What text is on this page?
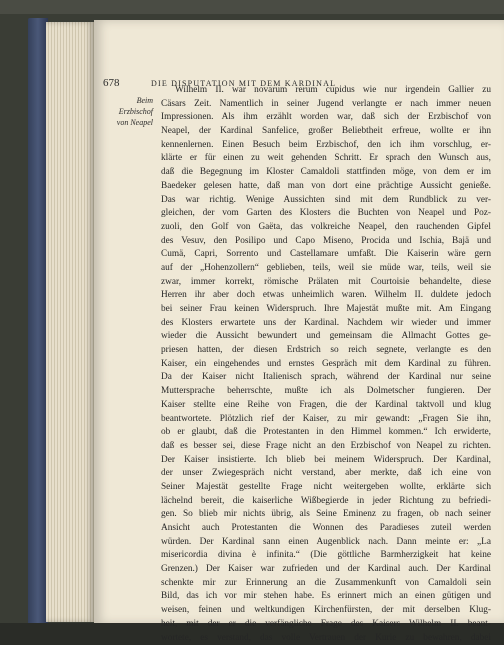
678	DIE DISPUTATION MIT DEM KARDINAL
Beim
Erzbischof
von Neapel
Wilhelm II. war novarum rerum cupidus wie nur irgendein Gallier zu
Cäsars Zeit. Namentlich in seiner Jugend verlangte er nach immer neuen
Impressionen. Als ihm erzählt worden war, daß sich der Erzbischof von
Neapel, der Kardinal Sanfelice, großer Beliebtheit erfreue, wollte er ihn
kennenlernen. Einen Besuch beim Erzbischof, den ich ihm vorschlug, er-
klärte er für einen zu weit gehenden Schritt. Er sprach den Wunsch aus,
daß die Begegnung im Kloster Camaldoli stattfinden möge, von dem er im
Baedeker gelesen hatte, daß man von dort eine prächtige Aussicht genieße.
Das war richtig. Wenige Aussichten sind mit dem Rundblick zu ver-
gleichen, der vom Garten des Klosters die Buchten von Neapel und Poz-
zuoli, den Golf von Gaëta, das volkreiche Neapel, den rauchenden Gipfel
des Vesuv, den Posilipo und Capo Miseno, Procida und Ischia, Bajä und
Cumä, Capri, Sorrento und Castellamare umfaßt. Die Kaiserin wäre gern
auf der „Hohenzollern“ geblieben, teils, weil sie müde war, teils, weil sie
zwar, immer korrekt, römische Prälaten mit Courtoisie behandelte, diese
Herren ihr aber doch etwas unheimlich waren. Wilhelm II. duldete jedoch
bei seiner Frau keinen Widerspruch. Ihre Majestät mußte mit. Am Eingang
des Klosters erwartete uns der Kardinal. Nachdem wir wieder und immer
wieder die Aussicht bewundert und gemeinsam die Allmacht Gottes ge-
priesen hatten, der diesen Erdstrich so reich segnete, verlangte es den
Kaiser, ein eingehendes und ernstes Gespräch mit dem Kardinal zu führen.
Da der Kaiser nicht Italienisch sprach, während der Kardinal nur seine
Muttersprache beherrschte, mußte ich als Dolmetscher fungieren. Der
Kaiser stellte eine Reihe von Fragen, die der Kardinal taktvoll und klug
beantwortete. Plötzlich rief der Kaiser, zu mir gewandt: „Fragen Sie ihn,
ob er glaubt, daß die Protestanten in den Himmel kommen.“ Ich erwiderte,
daß es besser sei, diese Frage nicht an den Erzbischof von Neapel zu richten.
Der Kaiser insistierte. Ich blieb bei meinem Widerspruch. Der Kardinal,
der unser Zwiegespräch nicht verstand, aber merkte, daß ich eine von
Seiner Majestät gestellte Frage nicht weitergeben wollte, erklärte sich
lächelnd bereit, die kaiserliche Wißbegierde in jeder Richtung zu befriedi-
gen. So blieb mir nichts übrig, als Seine Eminenz zu fragen, ob nach seiner
Ansicht auch Protestanten die Wonnen des Paradieses zuteil werden
würden. Der Kardinal sann einen Augenblick nach. Dann meinte er: „La
misericordia divina è infinita.“ (Die göttliche Barmherzigkeit hat keine
Grenzen.) Der Kaiser war zufrieden und der Kardinal auch. Der Kardinal
schenkte mir zur Erinnerung an die Zusammenkunft von Camaldoli sein
Bild, das ich vor mir stehen habe. Es erinnert mich an einen gütigen und
weisen, feinen und weltkundigen Kirchenfürsten, der mit derselben Klug-
heit, mit der er die verfängliche Frage des Kaisers Wilhelm II. beant-
wortete, es verstand, das volle Vertrauen der Kurie zu bewahren, dabei
